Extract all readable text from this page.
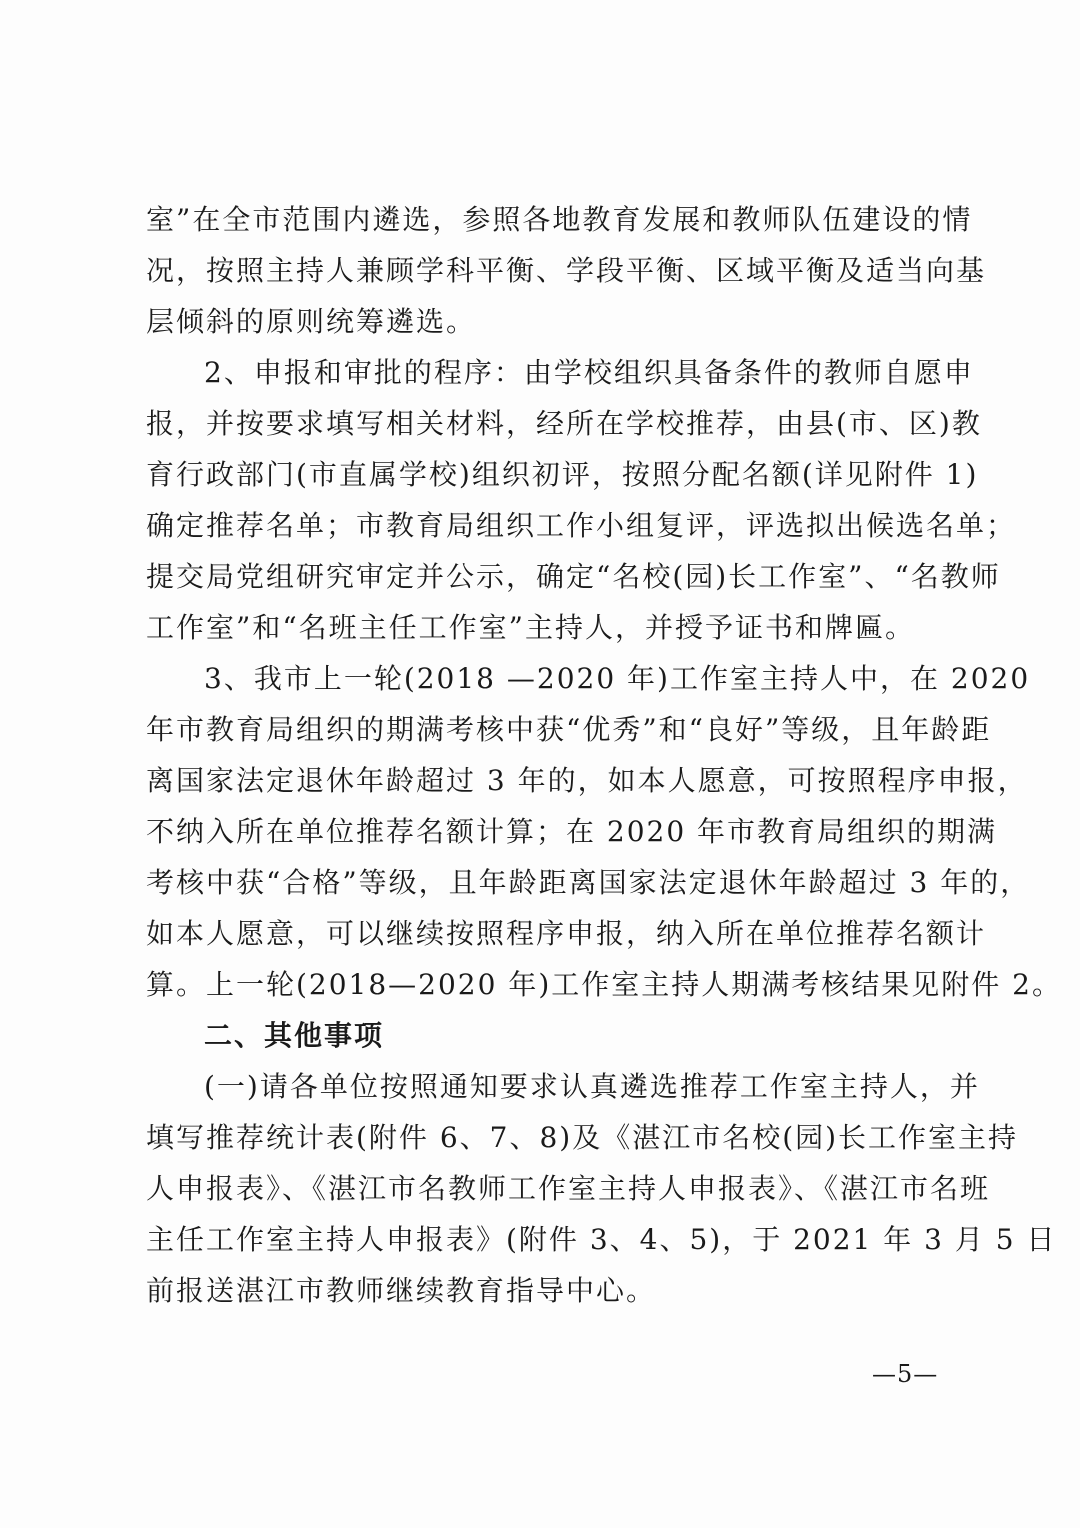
室”在全市范围内遴选，参照各地教育发展和教师队伍建设的情
况，按照主持人兼顾学科平衡、学段平衡、区域平衡及适当向基
层倾斜的原则统筹遴选。
2、申报和审批的程序：由学校组织具备条件的教师自愿申
报，并按要求填写相关材料，经所在学校推荐，由县(市、区)教
育行政部门(市直属学校)组织初评，按照分配名额(详见附件 1)
确定推荐名单；市教育局组织工作小组复评，评选拟出候选名单；
提交局党组研究审定并公示，确定“名校(园)长工作室”、“名教师
工作室”和“名班主任工作室”主持人，并授予证书和牌匾。
3、我市上一轮(2018 —2020 年)工作室主持人中，在 2020
年市教育局组织的期满考核中获“优秀”和“良好”等级，且年龄距
离国家法定退休年龄超过 3 年的，如本人愿意，可按照程序申报，
不纳入所在单位推荐名额计算；在 2020 年市教育局组织的期满
考核中获“合格”等级，且年龄距离国家法定退休年龄超过 3 年的，
如本人愿意，可以继续按照程序申报，纳入所在单位推荐名额计
算。上一轮(2018—2020 年)工作室主持人期满考核结果见附件 2。
二、其他事项
(一)请各单位按照通知要求认真遴选推荐工作室主持人，并
填写推荐统计表(附件 6、7、8)及《湛江市名校(园)长工作室主持
人申报表》、《湛江市名教师工作室主持人申报表》、《湛江市名班
主任工作室主持人申报表》(附件 3、4、5)，于 2021 年 3 月 5 日
前报送湛江市教师继续教育指导中心。
—5—
